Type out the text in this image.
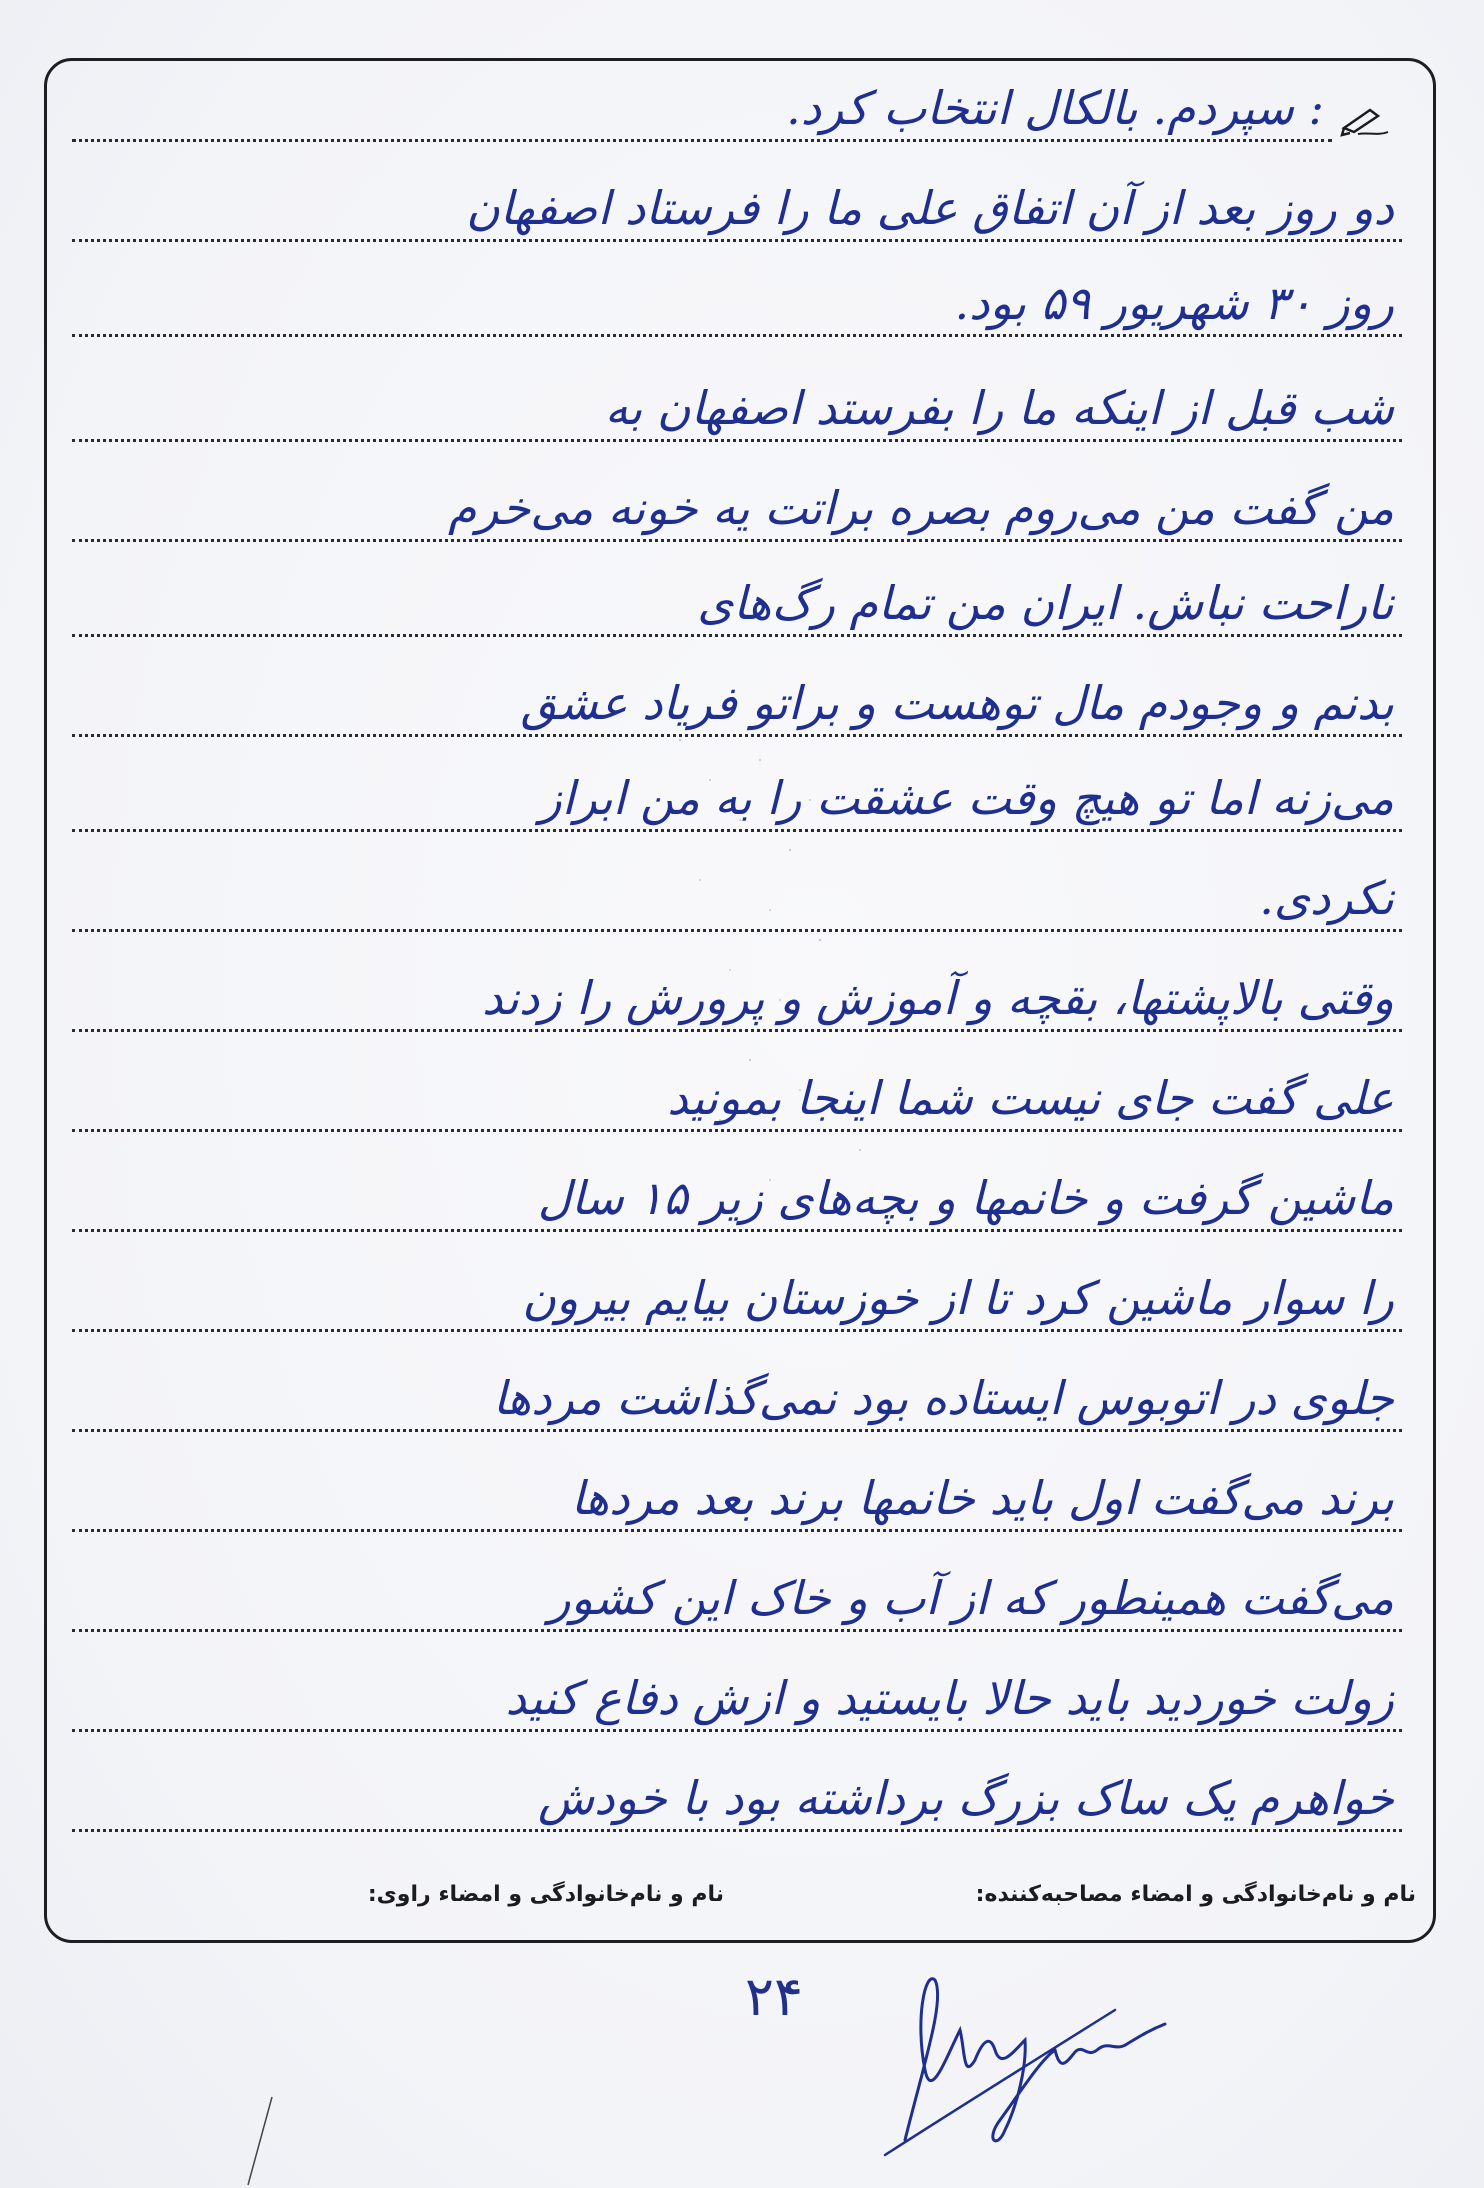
: سپردم. بالکال انتخاب کرد.
دو روز بعد از آن اتفاق علی ما را فرستاد اصفهان
روز ۳۰ شهریور ۵۹ بود.
شب قبل از اینکه ما را بفرستد اصفهان به
من گفت من می‌روم بصره براتت یه خونه می‌خرم
ناراحت نباش. ایران من تمام رگ‌های
بدنم و وجودم مال توهست و براتو فریاد عشق
می‌زنه اما تو هیچ وقت عشقت را به من ابراز
نکردی.
وقتی بالاپشتها، بقچه و آموزش و پرورش را زدند
علی گفت جای نیست شما اینجا بمونید
ماشین گرفت و خانمها و بچه‌های زیر ۱۵ سال
را سوار ماشین کرد تا از خوزستان بیایم بیرون
جلوی در اتوبوس ایستاده بود نمی‌گذاشت مردها
برند می‌گفت اول باید خانمها برند بعد مردها
می‌گفت همینطور که از آب و خاک این کشور
زولت خوردید باید حالا بایستید و ازش دفاع کنید
خواهرم یک ساک بزرگ برداشته بود با خودش
نام و نام‌خانوادگی و امضاء مصاحبه‌کننده:
نام و نام‌خانوادگی و امضاء راوی:
۲۴
